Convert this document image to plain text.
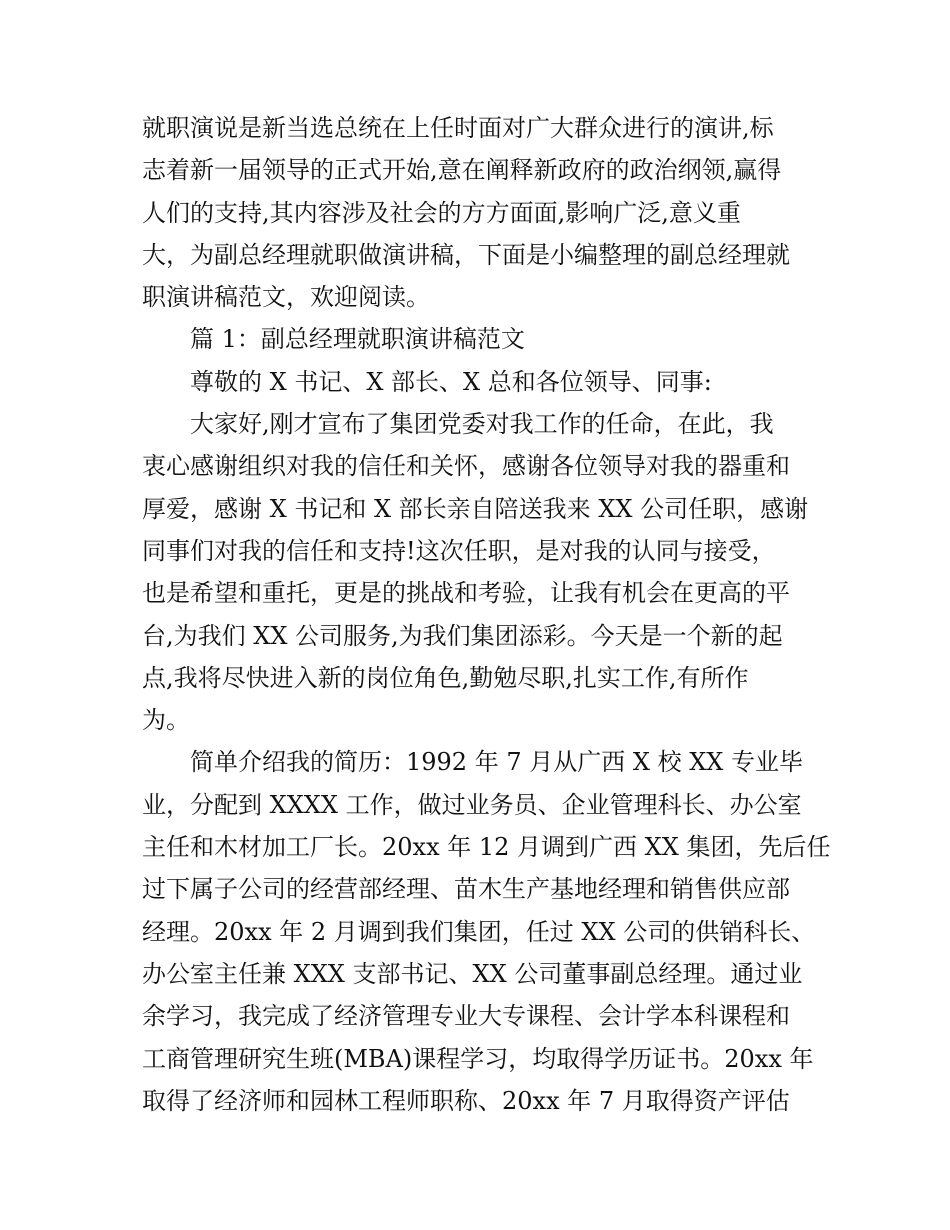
就职演说是新当选总统在上任时面对广大群众进行的演讲,标
志着新一届领导的正式开始,意在阐释新政府的政治纲领,赢得
人们的支持,其内容涉及社会的方方面面,影响广泛,意义重
大，为副总经理就职做演讲稿，下面是小编整理的副总经理就
职演讲稿范文，欢迎阅读。
　　篇 1：副总经理就职演讲稿范文
　　尊敬的 X 书记、X 部长、X 总和各位领导、同事:
　　大家好,刚才宣布了集团党委对我工作的任命，在此，我
衷心感谢组织对我的信任和关怀，感谢各位领导对我的器重和
厚爱，感谢 X 书记和 X 部长亲自陪送我来 XX 公司任职，感谢
同事们对我的信任和支持!这次任职，是对我的认同与接受，
也是希望和重托，更是的挑战和考验，让我有机会在更高的平
台,为我们 XX 公司服务,为我们集团添彩。今天是一个新的起
点,我将尽快进入新的岗位角色,勤勉尽职,扎实工作,有所作
为。
　　简单介绍我的简历：1992 年 7 月从广西 X 校 XX 专业毕
业，分配到 XXXX 工作，做过业务员、企业管理科长、办公室
主任和木材加工厂长。20xx 年 12 月调到广西 XX 集团，先后任
过下属子公司的经营部经理、苗木生产基地经理和销售供应部
经理。20xx 年 2 月调到我们集团，任过 XX 公司的供销科长、
办公室主任兼 XXX 支部书记、XX 公司董事副总经理。通过业
余学习，我完成了经济管理专业大专课程、会计学本科课程和
工商管理研究生班(MBA)课程学习，均取得学历证书。20xx 年
取得了经济师和园林工程师职称、20xx 年 7 月取得资产评估
